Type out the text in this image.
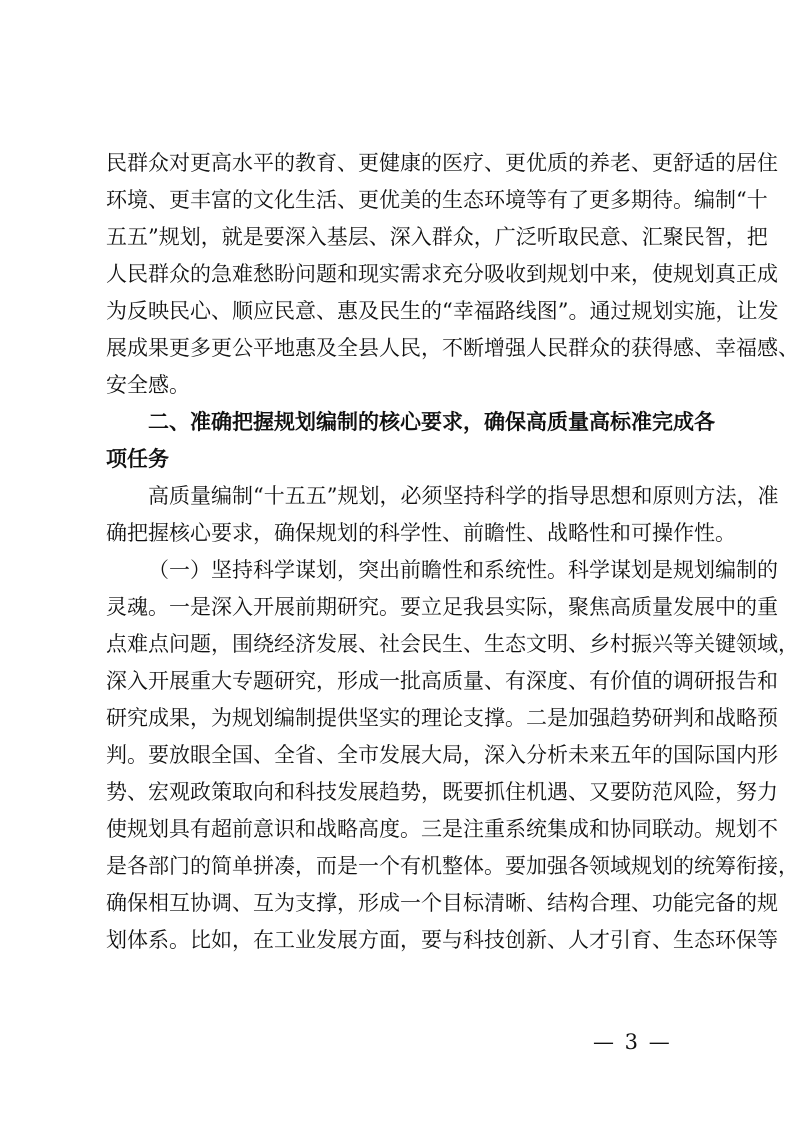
民群众对更高水平的教育、更健康的医疗、更优质的养老、更舒适的居住
环境、更丰富的文化生活、更优美的生态环境等有了更多期待。编制“十
五五”规划，就是要深入基层、深入群众，广泛听取民意、汇聚民智，把
人民群众的急难愁盼问题和现实需求充分吸收到规划中来，使规划真正成
为反映民心、顺应民意、惠及民生的“幸福路线图”。通过规划实施，让发
展成果更多更公平地惠及全县人民，不断增强人民群众的获得感、幸福感、
安全感。
二、准确把握规划编制的核心要求，确保高质量高标准完成各
项任务
高质量编制“十五五”规划，必须坚持科学的指导思想和原则方法，准
确把握核心要求，确保规划的科学性、前瞻性、战略性和可操作性。
（一）坚持科学谋划，突出前瞻性和系统性。科学谋划是规划编制的
灵魂。一是深入开展前期研究。要立足我县实际，聚焦高质量发展中的重
点难点问题，围绕经济发展、社会民生、生态文明、乡村振兴等关键领域，
深入开展重大专题研究，形成一批高质量、有深度、有价值的调研报告和
研究成果，为规划编制提供坚实的理论支撑。二是加强趋势研判和战略预
判。要放眼全国、全省、全市发展大局，深入分析未来五年的国际国内形
势、宏观政策取向和科技发展趋势，既要抓住机遇、又要防范风险，努力
使规划具有超前意识和战略高度。三是注重系统集成和协同联动。规划不
是各部门的简单拼凑，而是一个有机整体。要加强各领域规划的统筹衔接，
确保相互协调、互为支撑，形成一个目标清晰、结构合理、功能完备的规
划体系。比如，在工业发展方面，要与科技创新、人才引育、生态环保等
— 3 —
